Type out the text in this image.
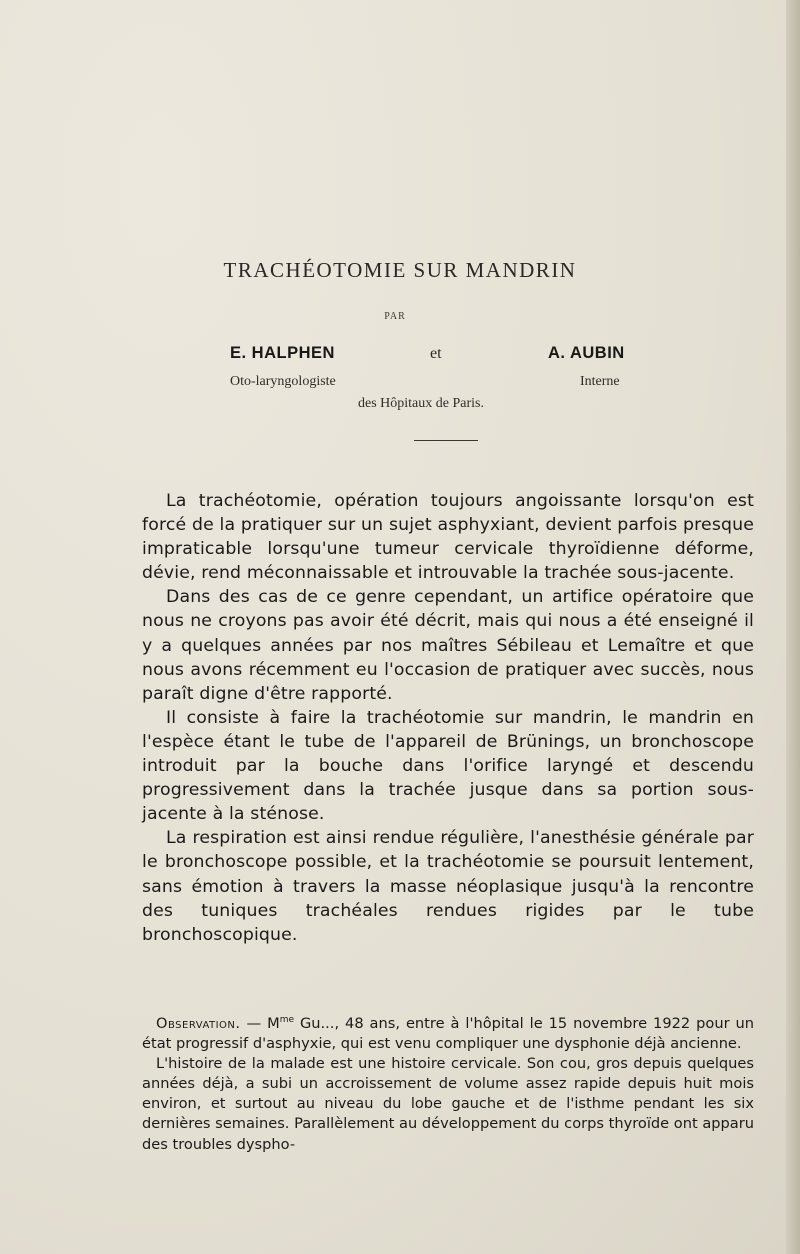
TRACHÉOTOMIE SUR MANDRIN
PAR
E. HALPHEN	et	A. AUBIN
Oto-laryngologiste	Interne
des Hôpitaux de Paris.

La trachéotomie, opération toujours angoissante lorsqu'on est forcé de la pratiquer sur un sujet asphyxiant, devient parfois presque impraticable lorsqu'une tumeur cervicale thyroïdienne déforme, dévie, rend méconnaissable et introuvable la trachée sous-jacente.

Dans des cas de ce genre cependant, un artifice opératoire que nous ne croyons pas avoir été décrit, mais qui nous a été enseigné il y a quelques années par nos maîtres Sébileau et Lemaître et que nous avons récemment eu l'occasion de pratiquer avec succès, nous paraît digne d'être rapporté.

Il consiste à faire la trachéotomie sur mandrin, le mandrin en l'espèce étant le tube de l'appareil de Brünings, un bronchoscope introduit par la bouche dans l'orifice laryngé et descendu progressivement dans la trachée jusque dans sa portion sous-jacente à la sténose.

La respiration est ainsi rendue régulière, l'anesthésie générale par le bronchoscope possible, et la trachéotomie se poursuit lentement, sans émotion à travers la masse néoplasique jusqu'à la rencontre des tuniques trachéales rendues rigides par le tube bronchoscopique.

Observation. — $M^{me}$ Gu..., 48 ans, entre à l'hôpital le 15 novembre 1922 pour un état progressif d'asphyxie, qui est venu compliquer une dysphonie déjà ancienne.

L'histoire de la malade est une histoire cervicale. Son cou, gros depuis quelques années déjà, a subi un accroissement de volume assez rapide depuis huit mois environ, et surtout au niveau du lobe gauche et de l'isthme pendant les six dernières semaines. Parallèlement au développement du corps thyroïde ont apparu des troubles dyspho-
